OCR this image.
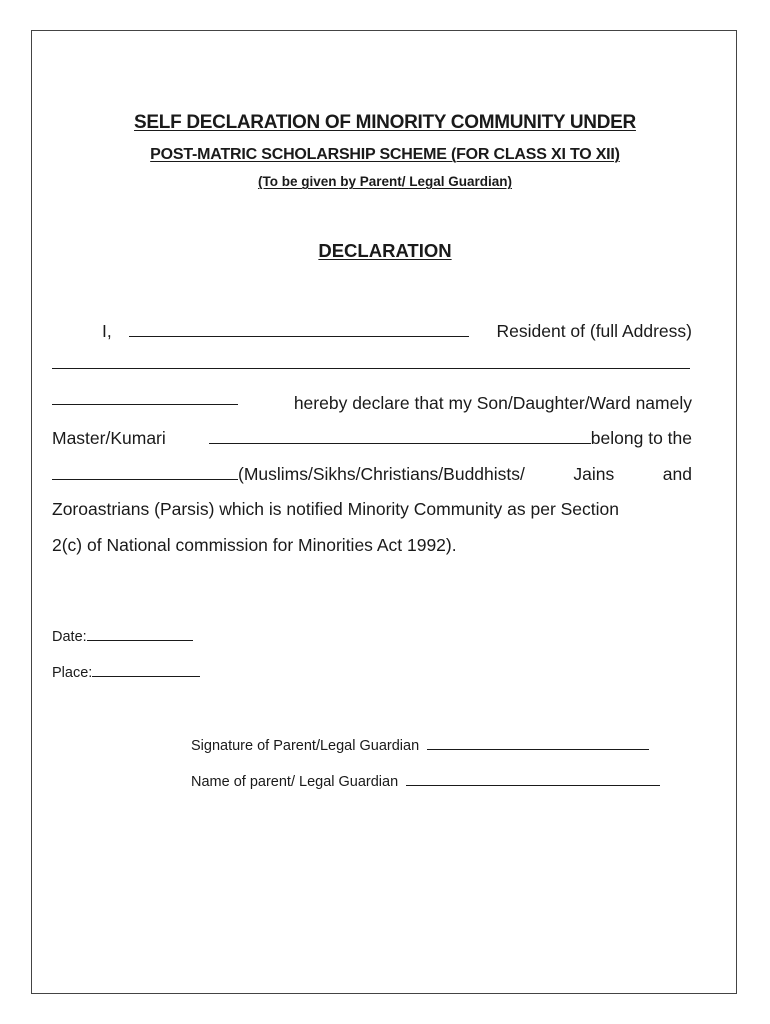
SELF DECLARATION OF MINORITY COMMUNITY UNDER
POST-MATRIC SCHOLARSHIP SCHEME (FOR CLASS XI TO XII)
(To be given by Parent/ Legal Guardian)
DECLARATION
I,	Resident of (full Address)
hereby declare that my Son/Daughter/Ward namely
Master/Kumari	belong to the
(Muslims/Sikhs/Christians/Buddhists/	Jains	and
Zoroastrians (Parsis) which is notified Minority Community as per Section
2(c) of National commission for Minorities Act 1992).
Date:
Place:
Signature of Parent/Legal Guardian
Name of parent/ Legal Guardian
